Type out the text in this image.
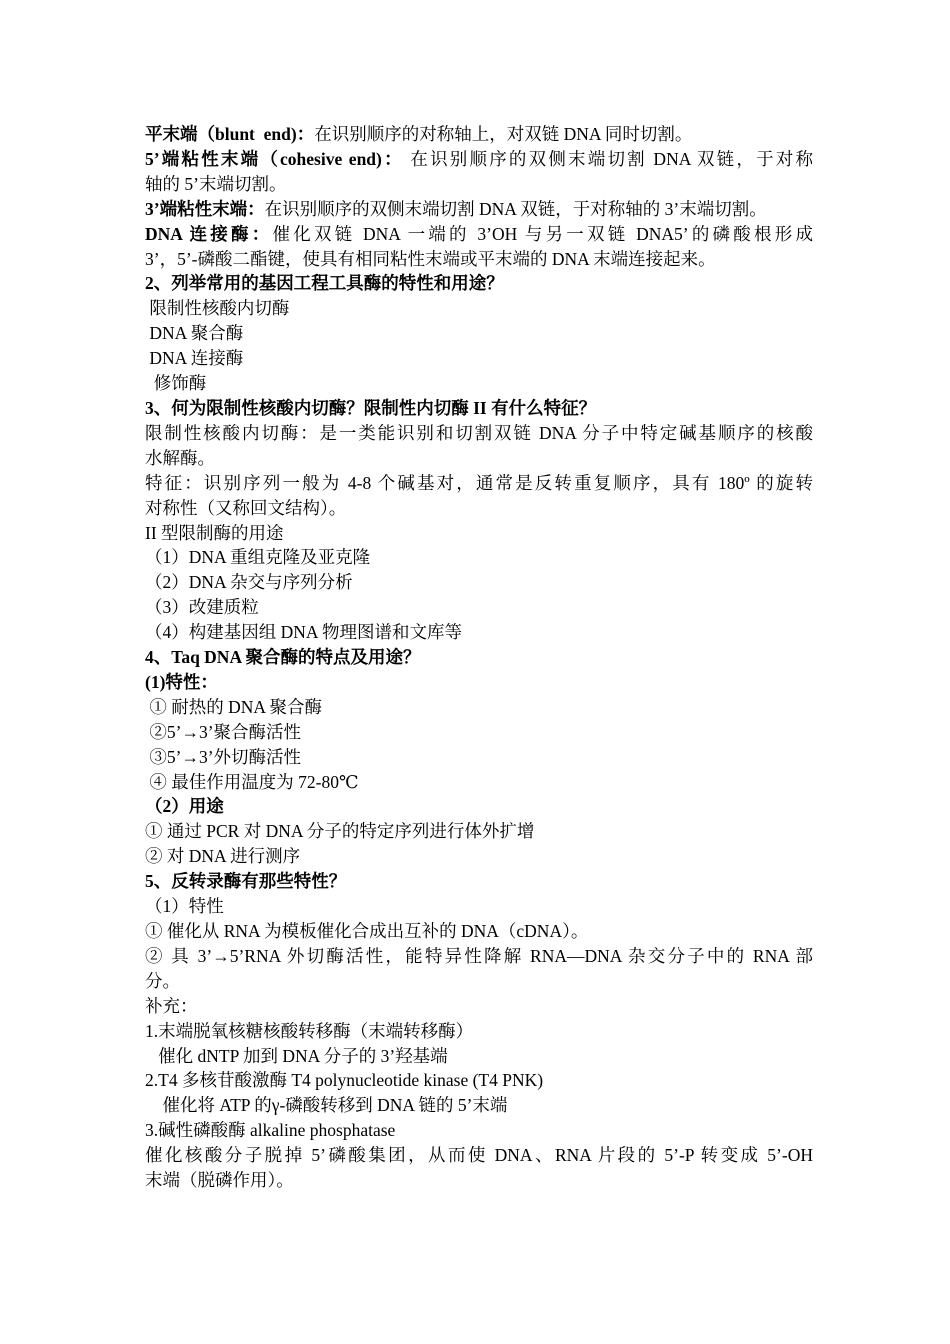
平末端（blunt  end)：在识别顺序的对称轴上，对双链 DNA 同时切割。
5’端粘性末端（cohesive end)： 在识别顺序的双侧末端切割 DNA 双链，于对称
轴的 5’末端切割。
3’端粘性末端：在识别顺序的双侧末端切割 DNA 双链，于对称轴的 3’末端切割。
DNA 连接酶：催化双链 DNA 一端的 3’OH 与另一双链 DNA5’的磷酸根形成
3’，5’-磷酸二酯键，使具有相同粘性末端或平末端的 DNA 末端连接起来。
2、列举常用的基因工程工具酶的特性和用途？
限制性核酸内切酶
DNA 聚合酶
DNA 连接酶
修饰酶
3、何为限制性核酸内切酶？限制性内切酶 II 有什么特征？
限制性核酸内切酶：是一类能识别和切割双链 DNA 分子中特定碱基顺序的核酸
水解酶。
特征：识别序列一般为 4-8 个碱基对，通常是反转重复顺序，具有 180º 的旋转
对称性（又称回文结构）。
II 型限制酶的用途
（1）DNA 重组克隆及亚克隆
（2）DNA 杂交与序列分析
（3）改建质粒
（4）构建基因组 DNA 物理图谱和文库等
4、Taq DNA 聚合酶的特点及用途？
(1)特性：
① 耐热的 DNA 聚合酶
②5’→3’聚合酶活性
③5’→3’外切酶活性
④ 最佳作用温度为 72-80℃
（2）用途
① 通过 PCR 对 DNA 分子的特定序列进行体外扩增
② 对 DNA 进行测序
5、反转录酶有那些特性？
（1）特性
① 催化从 RNA 为模板催化合成出互补的 DNA（cDNA）。
② 具 3’→5’RNA 外切酶活性，能特异性降解 RNA—DNA 杂交分子中的 RNA 部
分。
补充：
1.末端脱氧核糖核酸转移酶（末端转移酶）
催化 dNTP 加到 DNA 分子的 3’羟基端
2.T4 多核苷酸激酶 T4 polynucleotide kinase (T4 PNK)
催化将 ATP 的γ-磷酸转移到 DNA 链的 5’末端
3.碱性磷酸酶 alkaline phosphatase
催化核酸分子脱掉 5’磷酸集团，从而使 DNA、RNA 片段的 5’-P 转变成 5’-OH
末端（脱磷作用）。
